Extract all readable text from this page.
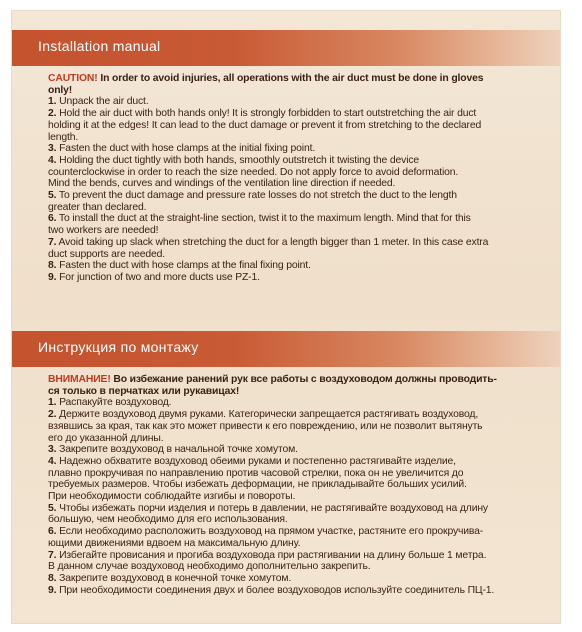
Installation manual
CAUTION! In order to avoid injuries, all operations with the air duct must be done in gloves
only!
1. Unpack the air duct.
2. Hold the air duct with both hands only! It is strongly forbidden to start outstretching the air duct
holding it at the edges! It can lead to the duct damage or prevent it from stretching to the declared
length.
3. Fasten the duct with hose clamps at the initial fixing point.
4. Holding the duct tightly with both hands, smoothly outstretch it twisting the device
counterclockwise in order to reach the size needed. Do not apply force to avoid deformation.
Mind the bends, curves and windings of the ventilation line direction if needed.
5. To prevent the duct damage and pressure rate losses do not stretch the duct to the length
greater than declared.
6. To install the duct at the straight-line section, twist it to the maximum length. Mind that for this
two workers are needed!
7. Avoid taking up slack when stretching the duct for a length bigger than 1 meter. In this case extra
duct supports are needed.
8. Fasten the duct with hose clamps at the final fixing point.
9. For junction of two and more ducts use PZ-1.
Инструкция по монтажу
ВНИМАНИЕ! Во избежание ранений рук все работы с воздуховодом должны проводить-
ся только в перчатках или рукавицах!
1. Распакуйте воздуховод.
2. Держите воздуховод двумя руками. Категорически запрещается растягивать воздуховод,
взявшись за края, так как это может привести к его повреждению, или не позволит вытянуть
его до указанной длины.
3. Закрепите воздуховод в начальной точке хомутом.
4. Надежно обхватите воздуховод обеими руками и постепенно растягивайте изделие,
плавно прокручивая по направлению против часовой стрелки, пока он не увеличится до
требуемых размеров. Чтобы избежать деформации, не прикладывайте больших усилий.
При необходимости соблюдайте изгибы и повороты.
5. Чтобы избежать порчи изделия и потерь в давлении, не растягивайте воздуховод на длину
большую, чем необходимо для его использования.
6. Если необходимо расположить воздуховод на прямом участке, растяните его прокручива-
ющими движениями вдвоем на максимальную длину.
7. Избегайте провисания и прогиба воздуховода при растягивании на длину больше 1 метра.
В данном случае воздуховод необходимо дополнительно закрепить.
8. Закрепите воздуховод в конечной точке хомутом.
9. При необходимости соединения двух и более воздуховодов используйте соединитель ПЦ-1.
